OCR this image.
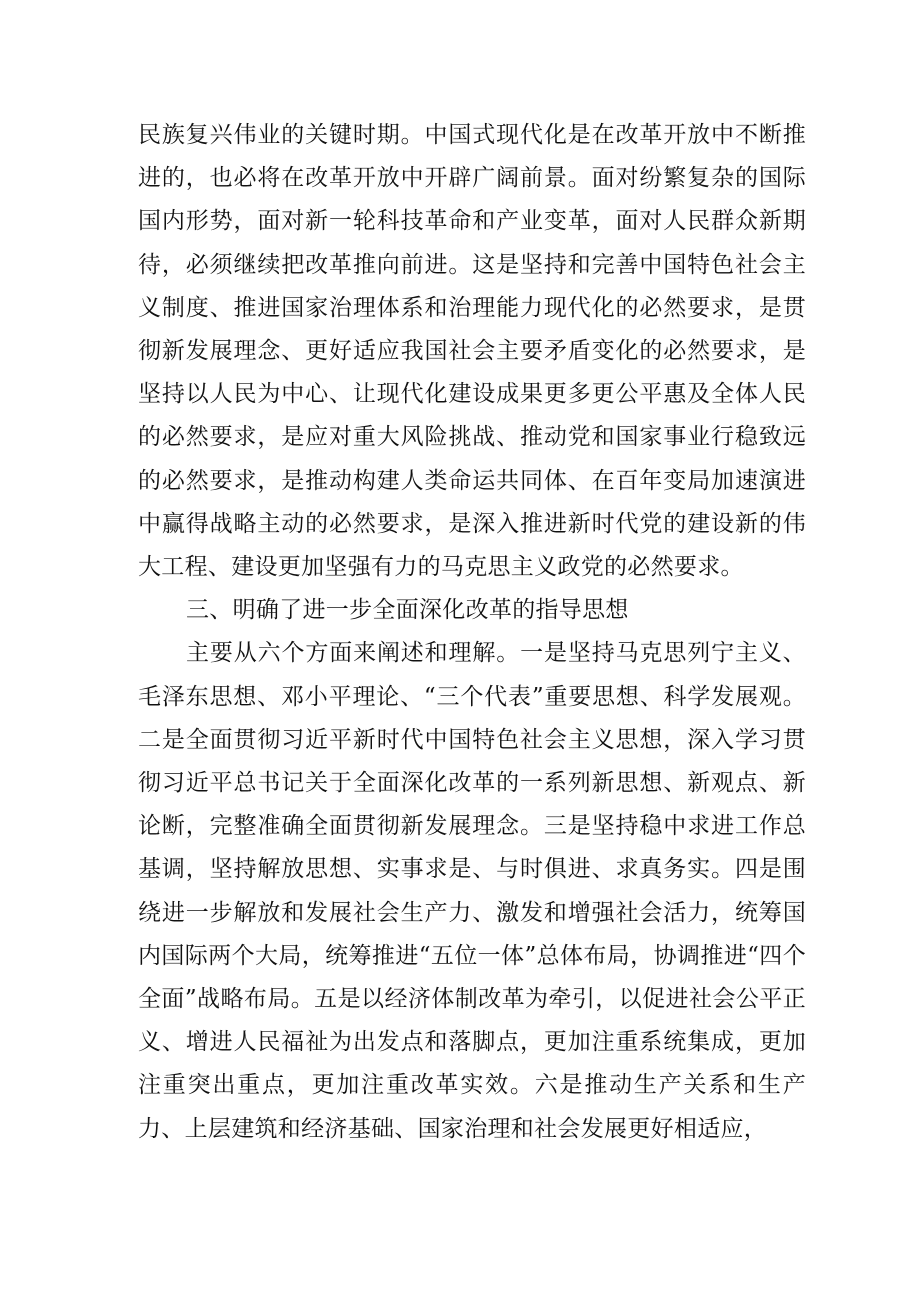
民族复兴伟业的关键时期。中国式现代化是在改革开放中不断推进的，也必将在改革开放中开辟广阔前景。面对纷繁复杂的国际国内形势，面对新一轮科技革命和产业变革，面对人民群众新期待，必须继续把改革推向前进。这是坚持和完善中国特色社会主义制度、推进国家治理体系和治理能力现代化的必然要求，是贯彻新发展理念、更好适应我国社会主要矛盾变化的必然要求，是坚持以人民为中心、让现代化建设成果更多更公平惠及全体人民的必然要求，是应对重大风险挑战、推动党和国家事业行稳致远的必然要求，是推动构建人类命运共同体、在百年变局加速演进中赢得战略主动的必然要求，是深入推进新时代党的建设新的伟大工程、建设更加坚强有力的马克思主义政党的必然要求。

三、明确了进一步全面深化改革的指导思想

主要从六个方面来阐述和理解。一是坚持马克思列宁主义、毛泽东思想、邓小平理论、“三个代表”重要思想、科学发展观。二是全面贯彻习近平新时代中国特色社会主义思想，深入学习贯彻习近平总书记关于全面深化改革的一系列新思想、新观点、新论断，完整准确全面贯彻新发展理念。三是坚持稳中求进工作总基调，坚持解放思想、实事求是、与时俱进、求真务实。四是围绕进一步解放和发展社会生产力、激发和增强社会活力，统筹国内国际两个大局，统筹推进“五位一体”总体布局，协调推进“四个全面”战略布局。五是以经济体制改革为牵引，以促进社会公平正义、增进人民福祉为出发点和落脚点，更加注重系统集成，更加注重突出重点，更加注重改革实效。六是推动生产关系和生产力、上层建筑和经济基础、国家治理和社会发展更好相适应，
